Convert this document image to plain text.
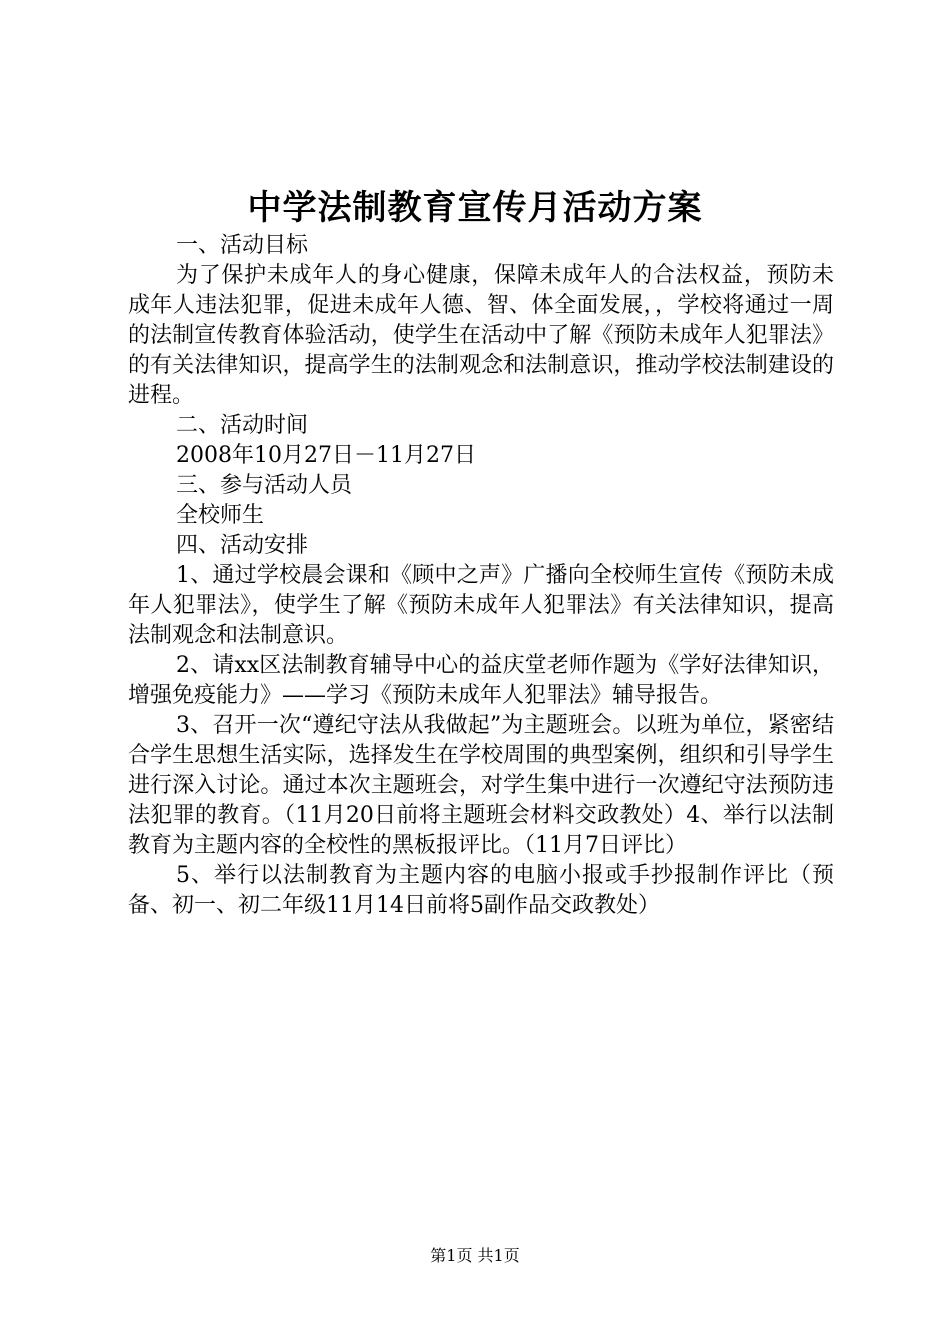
中学法制教育宣传月活动方案

一、活动目标

为了保护未成年人的身心健康，保障未成年人的合法权益，预防未成年人违法犯罪，促进未成年人德、智、体全面发展，，学校将通过一周的法制宣传教育体验活动，使学生在活动中了解《预防未成年人犯罪法》的有关法律知识，提高学生的法制观念和法制意识，推动学校法制建设的进程。

二、活动时间

2008年10月27日－11月27日

三、参与活动人员

全校师生

四、活动安排

1、通过学校晨会课和《顾中之声》广播向全校师生宣传《预防未成年人犯罪法》，使学生了解《预防未成年人犯罪法》有关法律知识，提高法制观念和法制意识。

2、请xx区法制教育辅导中心的益庆堂老师作题为《学好法律知识，增强免疫能力》——学习《预防未成年人犯罪法》辅导报告。

3、召开一次“遵纪守法从我做起”为主题班会。以班为单位，紧密结合学生思想生活实际，选择发生在学校周围的典型案例，组织和引导学生进行深入讨论。通过本次主题班会，对学生集中进行一次遵纪守法预防违法犯罪的教育。（11月20日前将主题班会材料交政教处）4、举行以法制教育为主题内容的全校性的黑板报评比。（11月7日评比）

5、举行以法制教育为主题内容的电脑小报或手抄报制作评比（预备、初一、初二年级11月14日前将5副作品交政教处）

第1页 共1页
